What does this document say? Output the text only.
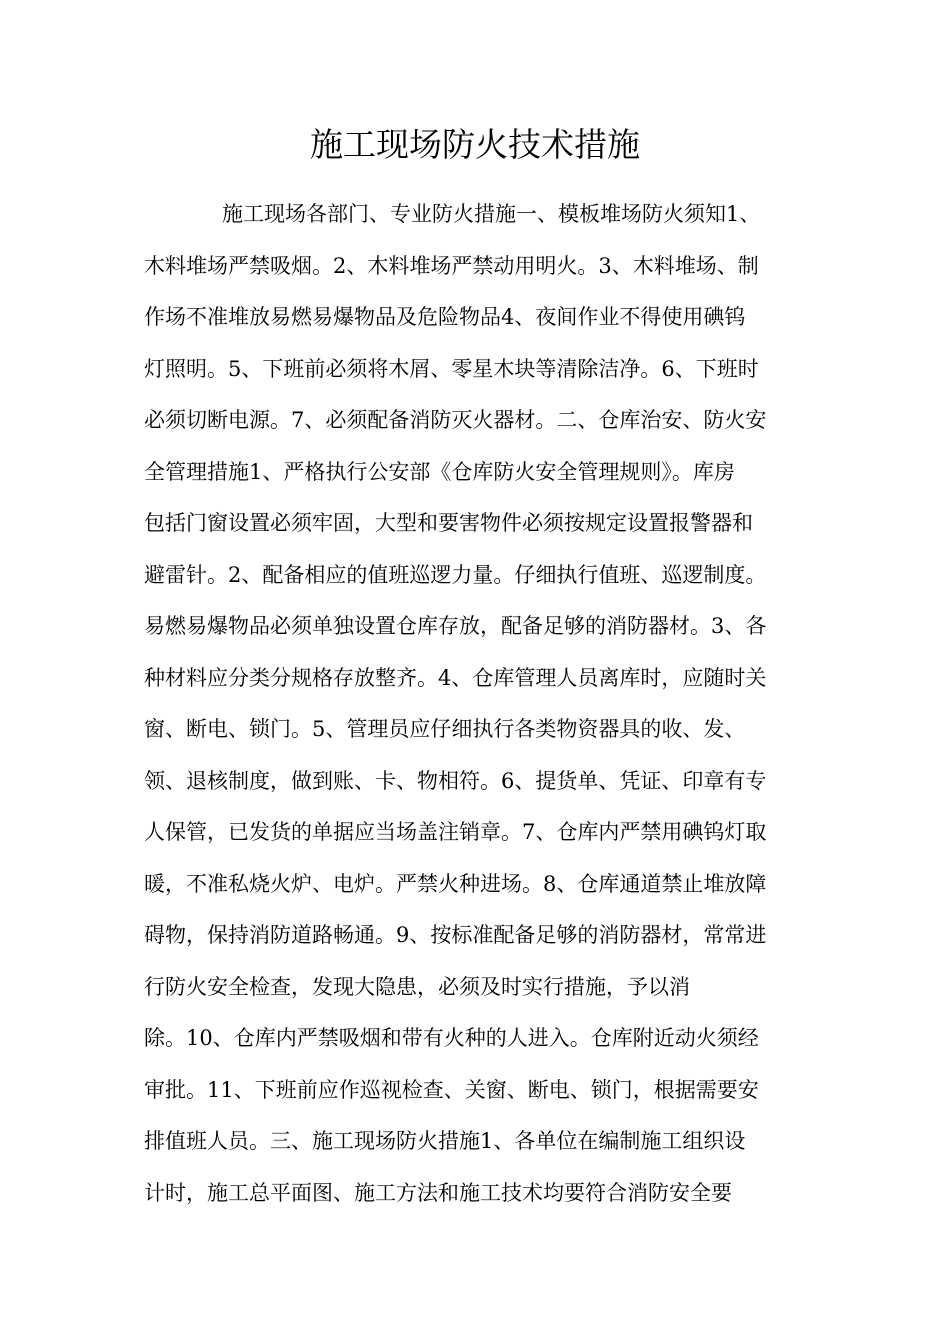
施工现场防火技术措施
施工现场各部门、专业防火措施一、模板堆场防火须知1、
木料堆场严禁吸烟。2、木料堆场严禁动用明火。3、木料堆场、制
作场不准堆放易燃易爆物品及危险物品4、夜间作业不得使用碘钨
灯照明。5、下班前必须将木屑、零星木块等清除洁净。6、下班时
必须切断电源。7、必须配备消防灭火器材。二、仓库治安、防火安
全管理措施1、严格执行公安部《仓库防火安全管理规则》。库房
包括门窗设置必须牢固，大型和要害物件必须按规定设置报警器和
避雷针。2、配备相应的值班巡逻力量。仔细执行值班、巡逻制度。
易燃易爆物品必须单独设置仓库存放，配备足够的消防器材。3、各
种材料应分类分规格存放整齐。4、仓库管理人员离库时，应随时关
窗、断电、锁门。5、管理员应仔细执行各类物资器具的收、发、
领、退核制度，做到账、卡、物相符。6、提货单、凭证、印章有专
人保管，已发货的单据应当场盖注销章。7、仓库内严禁用碘钨灯取
暖，不准私烧火炉、电炉。严禁火种进场。8、仓库通道禁止堆放障
碍物，保持消防道路畅通。9、按标准配备足够的消防器材，常常进
行防火安全检查，发现大隐患，必须及时实行措施，予以消
除。10、仓库内严禁吸烟和带有火种的人进入。仓库附近动火须经
审批。11、下班前应作巡视检查、关窗、断电、锁门，根据需要安
排值班人员。三、施工现场防火措施1、各单位在编制施工组织设
计时，施工总平面图、施工方法和施工技术均要符合消防安全要
